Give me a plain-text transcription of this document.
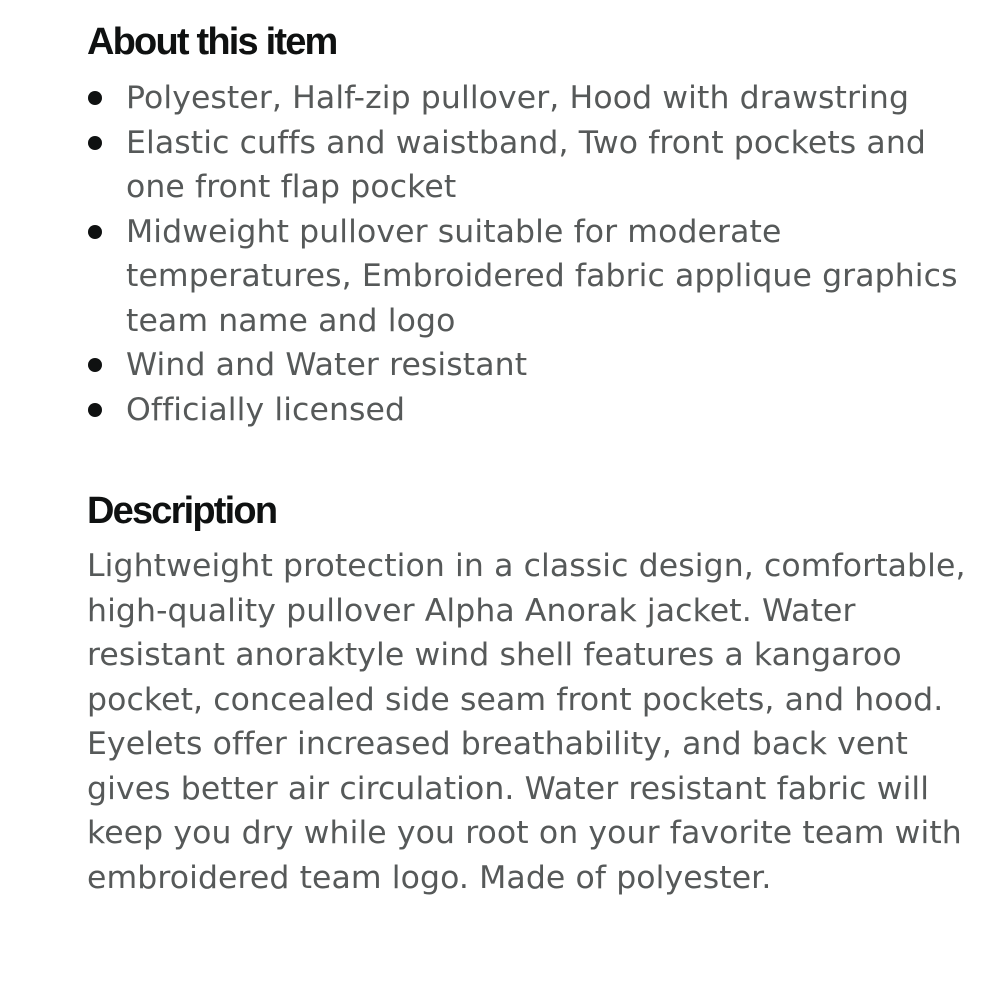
About this item
Polyester, Half-zip pullover, Hood with drawstring
Elastic cuffs and waistband, Two front pockets and one front flap pocket
Midweight pullover suitable for moderate temperatures, Embroidered fabric applique graphics team name and logo
Wind and Water resistant
Officially licensed
Description

Lightweight protection in a classic design, comfortable, high-quality pullover Alpha Anorak jacket. Water resistant anoraktyle wind shell features a kangaroo pocket, concealed side seam front pockets, and hood. Eyelets offer increased breathability, and back vent gives better air circulation. Water resistant fabric will keep you dry while you root on your favorite team with embroidered team logo. Made of polyester.
